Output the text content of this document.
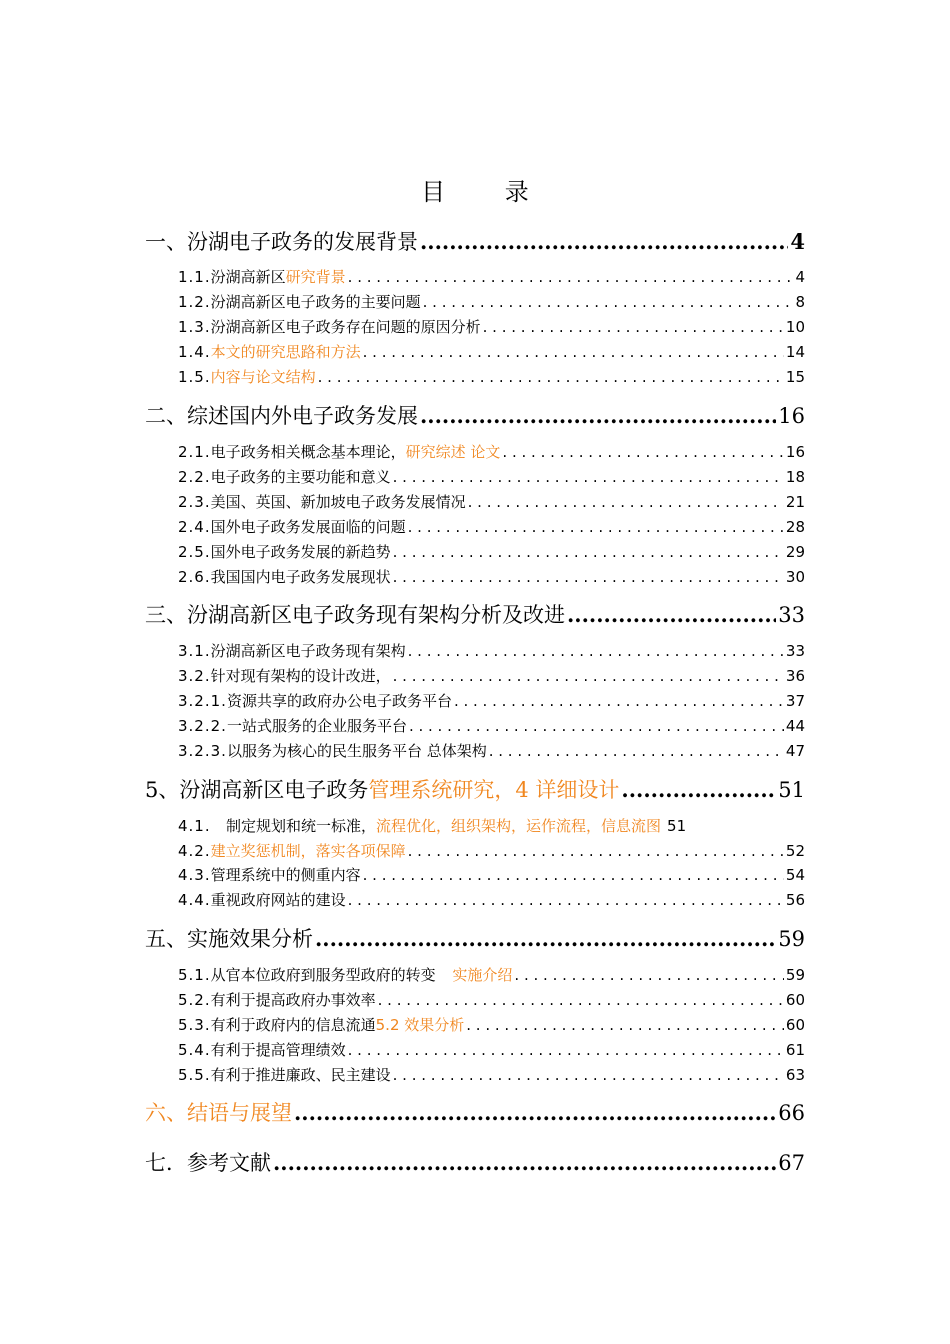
目 录
一、汾湖电子政务的发展背景 .....	4
1.1. 汾湖高新区 研究背景 . . .	4
1.2. 汾湖高新区电子政务的主要问题 . . .	8
1.3. 汾湖高新区电子政务存在问题的原因分析 . . .	10
1.4. 本文的研究思路和方法 . . .	14
1.5. 内容与论文结构 . . .	15
二、综述国内外电子政务发展 .....	16
2.1. 电子政务相关概念基本理论， 研究综述 论文 . . .	16
2.2. 电子政务的主要功能和意义 . . .	18
2.3. 美国、英国、新加坡电子政务发展情况 . . .	21
2.4. 国外电子政务发展面临的问题 . . .	28
2.5. 国外电子政务发展的新趋势 . . .	29
2.6. 我国国内电子政务发展现状 . . .	30
三、汾湖高新区电子政务现有架构分析及改进 .....	33
3.1. 汾湖高新区电子政务现有架构 . . .	33
3.2. 针对现有架构的设计改进， . . .	36
3.2.1. 资源共享的政府办公电子政务平台 . . .	37
3.2.2. 一站式服务的企业服务平台 . . .	44
3.2.3. 以服务为核心的民生服务平台 总体架构 . . .	47
5、汾湖高新区电子政务 管理系统研究，4 详细设计 .....	51
4.1.	制定规划和统一标准， 流程优化，组织架构，运作流程，信息流图 51
4.2. 建立奖惩机制，落实各项保障 . . .	52
4.3. 管理系统中的侧重内容 . . .	54
4.4. 重视政府网站的建设 . . .	56
五、实施效果分析 .....	59
5.1. 从官本位政府到服务型政府的转变 实施介绍 . . .	59
5.2. 有利于提高政府办事效率 . . .	60
5.3. 有利于政府内的信息流通 5.2 效果分析 . . .	60
5.4. 有利于提高管理绩效 . . .	61
5.5. 有利于推进廉政、民主建设 . . .	63
六、结语与展望 .....	66
七．参考文献 .....	67
